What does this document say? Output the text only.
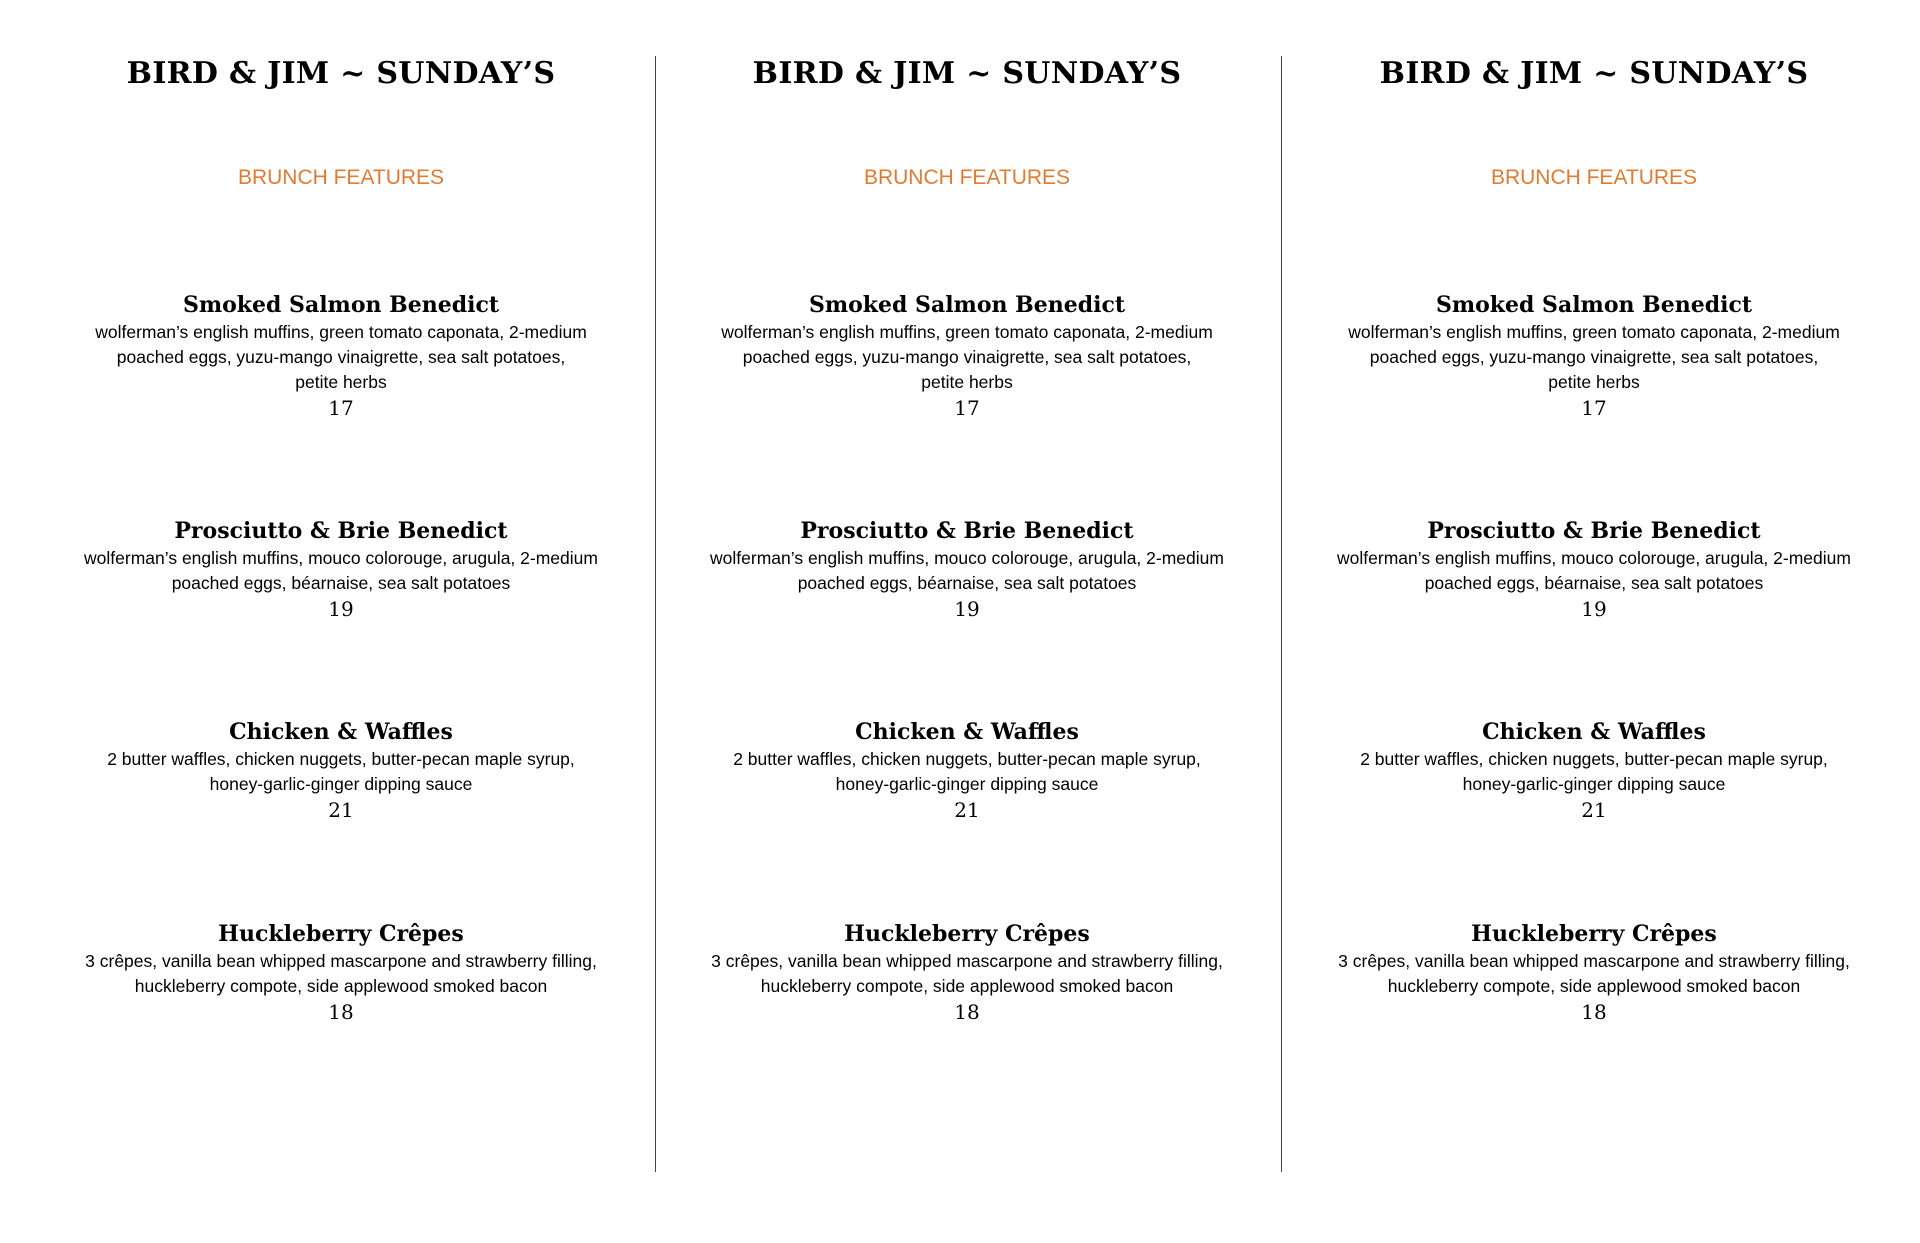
BIRD & JIM ~ SUNDAY’S
BRUNCH FEATURES
Smoked Salmon Benedict
wolferman’s english muffins, green tomato caponata, 2-medium
poached eggs, yuzu-mango vinaigrette, sea salt potatoes,
petite herbs
17
Prosciutto & Brie Benedict
wolferman’s english muffins, mouco colorouge, arugula, 2-medium
poached eggs, béarnaise, sea salt potatoes
19
Chicken & Waffles
2 butter waffles, chicken nuggets, butter-pecan maple syrup,
honey-garlic-ginger dipping sauce
21
Huckleberry Crêpes
3 crêpes, vanilla bean whipped mascarpone and strawberry filling,
huckleberry compote, side applewood smoked bacon
18
BIRD & JIM ~ SUNDAY’S
BRUNCH FEATURES
Smoked Salmon Benedict
wolferman’s english muffins, green tomato caponata, 2-medium
poached eggs, yuzu-mango vinaigrette, sea salt potatoes,
petite herbs
17
Prosciutto & Brie Benedict
wolferman’s english muffins, mouco colorouge, arugula, 2-medium
poached eggs, béarnaise, sea salt potatoes
19
Chicken & Waffles
2 butter waffles, chicken nuggets, butter-pecan maple syrup,
honey-garlic-ginger dipping sauce
21
Huckleberry Crêpes
3 crêpes, vanilla bean whipped mascarpone and strawberry filling,
huckleberry compote, side applewood smoked bacon
18
BIRD & JIM ~ SUNDAY’S
BRUNCH FEATURES
Smoked Salmon Benedict
wolferman’s english muffins, green tomato caponata, 2-medium
poached eggs, yuzu-mango vinaigrette, sea salt potatoes,
petite herbs
17
Prosciutto & Brie Benedict
wolferman’s english muffins, mouco colorouge, arugula, 2-medium
poached eggs, béarnaise, sea salt potatoes
19
Chicken & Waffles
2 butter waffles, chicken nuggets, butter-pecan maple syrup,
honey-garlic-ginger dipping sauce
21
Huckleberry Crêpes
3 crêpes, vanilla bean whipped mascarpone and strawberry filling,
huckleberry compote, side applewood smoked bacon
18
